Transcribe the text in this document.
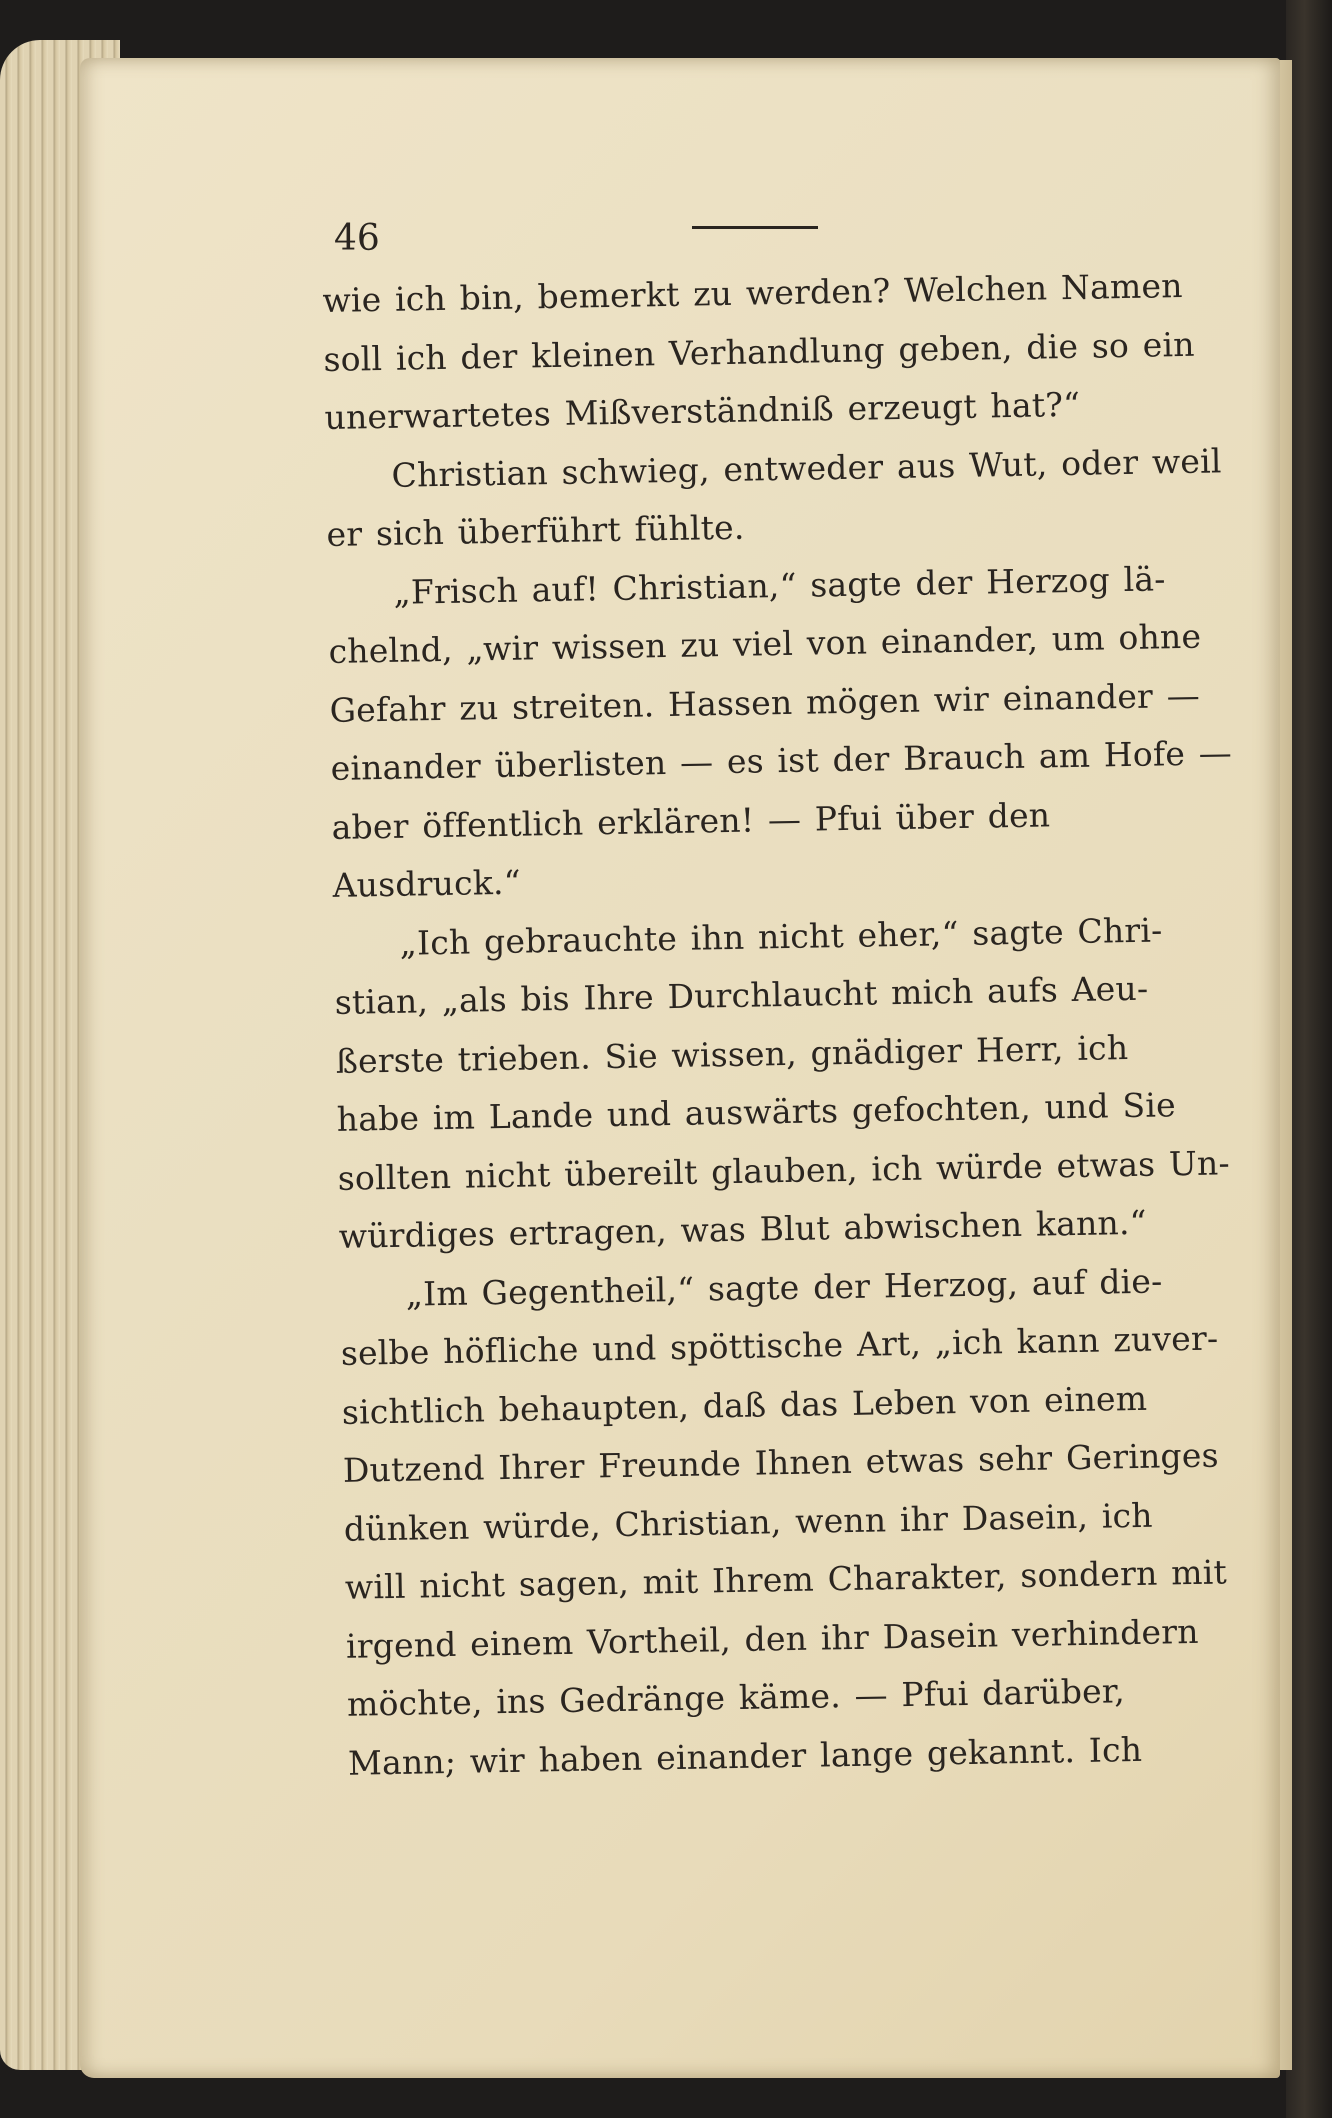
46
wie ich bin, bemerkt zu werden? Welchen Namen
soll ich der kleinen Verhandlung geben, die so ein
unerwartetes Mißverständniß erzeugt hat?“
Christian schwieg, entweder aus Wut, oder weil
er sich überführt fühlte.
„Frisch auf! Christian,“ sagte der Herzog lä-
chelnd, „wir wissen zu viel von einander, um ohne
Gefahr zu streiten. Hassen mögen wir einander —
einander überlisten — es ist der Brauch am Hofe —
aber öffentlich erklären! — Pfui über den
Ausdruck.“
„Ich gebrauchte ihn nicht eher,“ sagte Chri-
stian, „als bis Ihre Durchlaucht mich aufs Aeu-
ßerste trieben. Sie wissen, gnädiger Herr, ich
habe im Lande und auswärts gefochten, und Sie
sollten nicht übereilt glauben, ich würde etwas Un-
würdiges ertragen, was Blut abwischen kann.“
„Im Gegentheil,“ sagte der Herzog, auf die-
selbe höfliche und spöttische Art, „ich kann zuver-
sichtlich behaupten, daß das Leben von einem
Dutzend Ihrer Freunde Ihnen etwas sehr Geringes
dünken würde, Christian, wenn ihr Dasein, ich
will nicht sagen, mit Ihrem Charakter, sondern mit
irgend einem Vortheil, den ihr Dasein verhindern
möchte, ins Gedränge käme. — Pfui darüber,
Mann; wir haben einander lange gekannt. Ich
